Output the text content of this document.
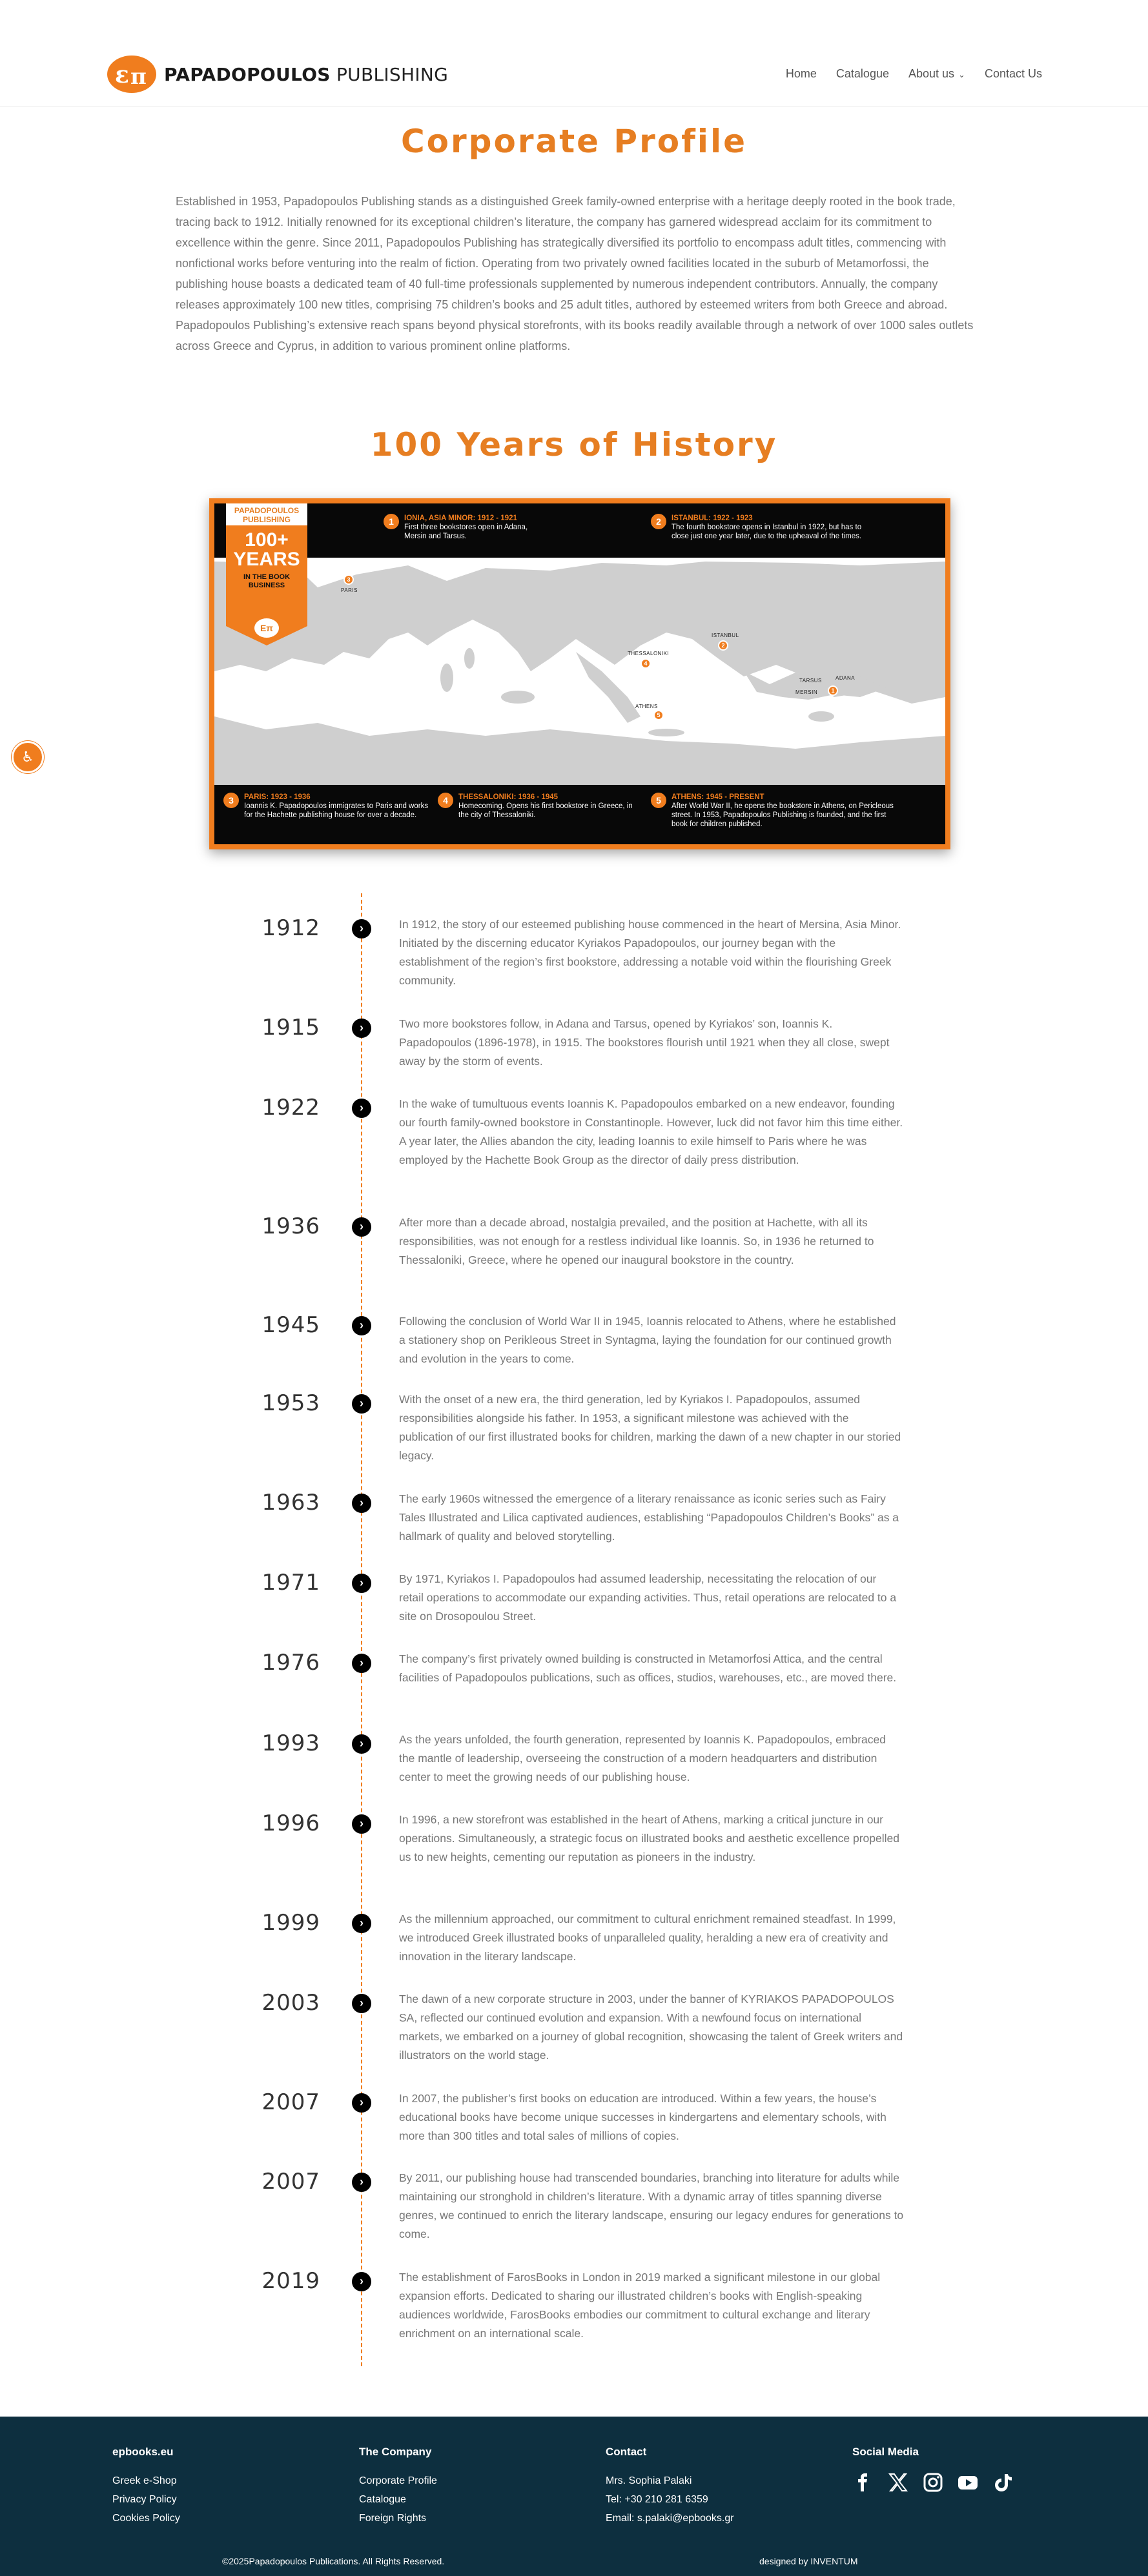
ε π PAPADOPOULOS PUBLISHING	Home Catalogue About us ⌄ Contact Us
♿
Corporate Profile

Established in 1953, Papadopoulos Publishing stands as a distinguished Greek family-owned enterprise with a heritage deeply rooted in the book trade, tracing back to 1912. Initially renowned for its exceptional children’s literature, the company has garnered widespread acclaim for its commitment to excellence within the genre. Since 2011, Papadopoulos Publishing has strategically diversified its portfolio to encompass adult titles, commencing with nonfictional works before venturing into the realm of fiction. Operating from two privately owned facilities located in the suburb of Metamorfossi, the publishing house boasts a dedicated team of 40 full-time professionals supplemented by numerous independent contributors. Annually, the company releases approximately 100 new titles, comprising 75 children’s books and 25 adult titles, authored by esteemed writers from both Greece and abroad. Papadopoulos Publishing’s extensive reach spans beyond physical storefronts, with its books readily available through a network of over 1000 sales outlets across Greece and Cyprus, in addition to various prominent online platforms.

100 Years of History
PAPADOPOULOS
PUBLISHING
100+
YEARS
IN THE BOOK
BUSINESS
Επ
1	IONIA, ASIA MINOR: 1912 - 1921
First three bookstores open in Adana, Mersin and Tarsus.
2	ISTANBUL: 1922 - 1923
The fourth bookstore opens in Istanbul in 1922, but has to close just one year later, due to the upheaval of the times.
3	PARIS: 1923 - 1936
Ioannis K. Papadopoulos immigrates to Paris and works for the Hachette publishing house for over a decade.
4	THESSALONIKI: 1936 - 1945
Homecoming. Opens his first bookstore in Greece, in the city of Thessaloniki.
5	ATHENS: 1945 - PRESENT
After World War II, he opens the bookstore in Athens, on Pericleous street. In 1953, Papadopoulos Publishing is founded, and the first book for children published.
3
PARIS
2
ISTANBUL
4
THESSALONIKI
5
ATHENS
1
TARSUS	ADANA
MERSIN
1912	›	In 1912, the story of our esteemed publishing house commenced in the heart of Mersina, Asia Minor. Initiated by the discerning educator Kyriakos Papadopoulos, our journey began with the establishment of the region’s first bookstore, addressing a notable void within the flourishing Greek community.
1915	›	Two more bookstores follow, in Adana and Tarsus, opened by Kyriakos’ son, Ioannis K. Papadopoulos (1896-1978), in 1915. The bookstores flourish until 1921 when they all close, swept away by the storm of events.
1922	›	In the wake of tumultuous events Ioannis K. Papadopoulos embarked on a new endeavor, founding our fourth family-owned bookstore in Constantinople. However, luck did not favor him this time either. A year later, the Allies abandon the city, leading Ioannis to exile himself to Paris where he was employed by the Hachette Book Group as the director of daily press distribution.
1936	›	After more than a decade abroad, nostalgia prevailed, and the position at Hachette, with all its responsibilities, was not enough for a restless individual like Ioannis. So, in 1936 he returned to Thessaloniki, Greece, where he opened our inaugural bookstore in the country.
1945	›	Following the conclusion of World War II in 1945, Ioannis relocated to Athens, where he established a stationery shop on Perikleous Street in Syntagma, laying the foundation for our continued growth and evolution in the years to come.
1953	›	With the onset of a new era, the third generation, led by Kyriakos I. Papadopoulos, assumed responsibilities alongside his father. In 1953, a significant milestone was achieved with the publication of our first illustrated books for children, marking the dawn of a new chapter in our storied legacy.
1963	›	The early 1960s witnessed the emergence of a literary renaissance as iconic series such as Fairy Tales Illustrated and Lilica captivated audiences, establishing “Papadopoulos Children’s Books” as a hallmark of quality and beloved storytelling.
1971	›	By 1971, Kyriakos I. Papadopoulos had assumed leadership, necessitating the relocation of our retail operations to accommodate our expanding activities. Thus, retail operations are relocated to a site on Drosopoulou Street.
1976	›	The company’s first privately owned building is constructed in Metamorfosi Attica, and the central facilities of Papadopoulos publications, such as offices, studios, warehouses, etc., are moved there.
1993	›	As the years unfolded, the fourth generation, represented by Ioannis K. Papadopoulos, embraced the mantle of leadership, overseeing the construction of a modern headquarters and distribution center to meet the growing needs of our publishing house.
1996	›	In 1996, a new storefront was established in the heart of Athens, marking a critical juncture in our operations. Simultaneously, a strategic focus on illustrated books and aesthetic excellence propelled us to new heights, cementing our reputation as pioneers in the industry.
1999	›	As the millennium approached, our commitment to cultural enrichment remained steadfast. In 1999, we introduced Greek illustrated books of unparalleled quality, heralding a new era of creativity and innovation in the literary landscape.
2003	›	The dawn of a new corporate structure in 2003, under the banner of KYRIAKOS PAPADOPOULOS SA, reflected our continued evolution and expansion. With a newfound focus on international markets, we embarked on a journey of global recognition, showcasing the talent of Greek writers and illustrators on the world stage.
2007	›	In 2007, the publisher’s first books on education are introduced. Within a few years, the house’s educational books have become unique successes in kindergartens and elementary schools, with more than 300 titles and total sales of millions of copies.
2007	›	By 2011, our publishing house had transcended boundaries, branching into literature for adults while maintaining our stronghold in children’s literature. With a dynamic array of titles spanning diverse genres, we continued to enrich the literary landscape, ensuring our legacy endures for generations to come.
2019	›	The establishment of FarosBooks in London in 2019 marked a significant milestone in our global expansion efforts. Dedicated to sharing our illustrated children’s books with English-speaking audiences worldwide, FarosBooks embodies our commitment to cultural exchange and literary enrichment on an international scale.
epbooks.eu
Greek e-Shop
Privacy Policy
Cookies Policy
The Company
Corporate Profile
Catalogue
Foreign Rights
Contact
Mrs. Sophia Palaki
Tel: +30 210 281 6359
Email: s.palaki@epbooks.gr
Social Media
©2025Papadopoulos Publications. All Rights Reserved.	designed by INVENTUM
